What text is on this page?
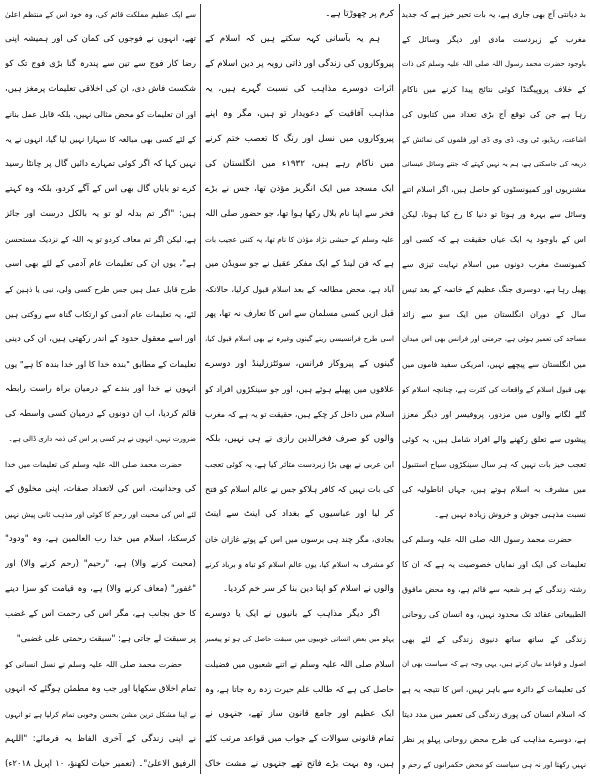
بد دیانتی آج بھی جاری ہے، یہ بات تحیر خیز ہے کہ جدید
مغرب کے زبردست مادی اور دیگر وسائل کے
باوجود حضرت محمد رسول اللہ صلی اللہ علیہ وسلم کی ذات
کے خلاف پروپیگنڈا کوئی نتائج پیدا کرنے میں ناکام
رہا ہے جن کی توقع آج بڑی تعداد میں کتابوں کی
اشاعت، ریڈیو، ٹی وی، ڈی وی ڈی اور فلموں کی نمائش کے
ذریعہ کی جاسکتی ہے، ہم یہ نہیں کہتے کہ جتنے وسائل عیسائی
مشنریوں اور کمیونسٹوں کو حاصل ہیں، اگر اسلام اتنے
وسائل سے بہرہ ور ہوتا تو دنیا کا رخ کیا ہوتا، لیکن
اس کے باوجود یہ ایک عیاں حقیقت ہے کہ کسی اور
کمیونسٹ مغرب دونوں میں اسلام نہایت تیزی سے
پھیل رہا ہے، دوسری جنگ عظیم کے خاتمہ کے بعد تیس
سال کے دوران انگلستان میں ایک سو سے زائد
مساجد کی تعمیر ہوئی ہے، جرمنی اور فرانس بھی اس میدان
میں انگلستان سے پیچھے نہیں، امریکی سفید فاموں میں
بھی قبول اسلام کے واقعات کی کثرت ہے، چنانچہ اسلام کو
گلے لگانے والوں میں مزدور، پروفیسر اور دیگر معزز
پیشوں سے تعلق رکھنے والے افراد شامل ہیں، یہ کوئی
تعجب خیز بات نہیں کہ ہر سال سینکڑوں سیاح استنبول
میں مشرف بہ اسلام ہوتے ہیں، جہاں اناطولیہ کی
نسبت مذہبی جوش و خروش زیادہ نہیں ہے۔
حضرت محمد رسول اللہ صلی اللہ علیہ وسلم کی
تعلیمات کی ایک اور نمایاں خصوصیت یہ ہے کہ ان کا
رشتہ زندگی کے ہر شعبہ سے قائم ہے، وہ محض مافوق
الطبیعاتی عقائد تک محدود نہیں، وہ انسان کی روحانی
زندگی کے ساتھ ساتھ دنیوی زندگی کے لئے بھی
اصول و قواعد بیان کرتے ہیں، یہی وجہ ہے کہ سیاست بھی ان
کی تعلیمات کے دائرہ سے باہر نہیں، اس کا نتیجہ یہ ہے
کہ اسلام انسان کی پوری زندگی کی تعمیر میں مدد دیتا
ہے، دوسرے مذاہب کی طرح محض روحانی پہلو پر نظر
نہیں رکھتا اور نہ ہی سیاست کو محض حکمرانوں کے رحم و
کرم پر چھوڑتا ہے۔
ہم یہ بآسانی کہہ سکتے ہیں کہ اسلام کے
پیروکاروں کی زندگی اور ذاتی رویہ پر دین اسلام کے
اثرات دوسرے مذاہب کی نسبت گہرے ہیں، یہ
مذاہب آفاقیت کے دعویدار تو ہیں، مگر وہ اپنے
پیروکاروں میں نسل اور رنگ کا تعصب ختم کرنے
میں ناکام رہے ہیں، ۱۹۳۲ء میں انگلستان کی
ایک مسجد میں ایک انگریز مؤذن تھا، جس نے بڑے
فخر سے اپنا نام بلال رکھا ہوا تھا، جو حضور صلی اللہ
علیہ وسلم کے حبشی نژاد مؤذن کا نام تھا، یہ کتنی عجیب بات
ہے کہ فن لینڈ کے ایک مفکر عقیل نے جو سویڈن میں
آباد ہے، محض مطالعہ کے بعد اسلام قبول کرلیا، حالانکہ
قبل ازیں کسی مسلمان سے اس کا تعارف نہ تھا، پھر
اسی طرح فرانسیسی رینے گینوں وغیرہ نے بھی اسلام قبول کیا،
گینوں کے پیروکار فرانس، سوئٹزرلینڈ اور دوسرے
علاقوں میں پھیلے ہوئے ہیں، اور جو سینکڑوں افراد کو
اسلام میں داخل کر چکے ہیں، حقیقت تو یہ ہے کہ مغرب
والوں کو صرف فخرالدین رازی نے ہی نہیں، بلکہ
ابن عربی نے بھی بڑا زبردست متاثر کیا ہے، یہ کوئی تعجب
کی بات نہیں کہ کافر ہلاکو جس نے عالم اسلام کو فتح
کر لیا اور عباسیوں کے بغداد کی اینٹ سے اینٹ
بجادی، مگر چند ہی برسوں میں اس کے پوتے غازان خان
کو مشرف بہ اسلام کیا، یوں عالم اسلام کو تباہ و برباد کرنے
والوں نے اسلام کو اپنا دین بنا کر سر خم کردیا۔
اگر دیگر مذاہب کے بانیوں نے ایک یا دوسرے
پہلو میں بعض انسانی خوبیوں میں سبقت حاصل کی ہو تو پیغمبر
اسلام صلی اللہ علیہ وسلم نے اتنے شعبوں میں فضیلت
حاصل کی ہے کہ طالب علم حیرت زدہ رہ جاتا ہے، وہ
ایک عظیم اور جامع قانون ساز تھے، جنہوں نے
تمام قانونی سوالات کے جواب میں قواعد مرتب کئے
ہیں، وہ بہت بڑے فاتح تھے جنہوں نے مشت خاک
سے ایک عظیم مملکت قائم کی، وہ خود اس کے منتظم اعلیٰ
تھے، انہوں نے فوجوں کی کمان کی اور ہمیشہ اپنی
رضا کار فوج سے تین سے پندرہ گنا بڑی فوج تک کو
شکست فاش دی، ان کی اخلاقی تعلیمات پرمغز ہیں،
اور ان تعلیمات کو محض مثالی نہیں، بلکہ قابل عمل بنانے
کے لئے کسی بھی مبالغہ کا سہارا نہیں لیا گیا، انہوں نے یہ
نہیں کہا کہ اگر کوئی تمہارے دائیں گال پر چانٹا رسید
کرے تو بایاں گال بھی اس کے آگے کردو، بلکہ وہ کہتے
ہیں: "اگر تم بدلہ لو تو یہ بالکل درست اور جائز
ہے، لیکن اگر تم معاف کردو تو یہ اللہ کے نزدیک مستحسن
ہے"، یوں ان کی تعلیمات عام آدمی کے لئے بھی اسی
طرح قابل عمل ہیں جس طرح کسی ولی، نبی یا ذہین کے
لئے، یہ تعلیمات عام آدمی کو ارتکاب گناہ سے روکتی ہیں
اور اسے معقول حدود کے اندر رکھتی ہیں، ان کی دینی
تعلیمات کے مطابق "بندہ خدا کا اور خدا بندہ کا ہے" یوں
انہوں نے خدا اور بندے کے درمیان براہ راست رابطہ
قائم کردیا، اب ان دونوں کے درمیان کسی واسطہ کی
ضرورت نہیں، انہوں نے ہر کسی پر اس کی ذمہ داری ڈالی ہے۔
حضرت محمد صلی اللہ علیہ وسلم کی تعلیمات میں خدا
کی وحدانیت، اس کی لاتعداد صفات، اپنی مخلوق کے
لئے اس کی محبت اور رحم کا کوئی اور مذہب ثانی پیش نہیں
کرسکتا، اسلام میں خدا رب العالمین ہے، وہ "ودود"
(محبت کرنے والا) ہے، "رحیم" (رحم کرنے والا) اور
"غفور" (معاف کرنے والا) ہے، وہ قیامت کو سزا دینے
کا حق بجانب ہے، مگر اس کی رحمت اس کے غضب
پر سبقت لے جاتی ہے: "سبقت رحمتی علی غضبی"
حضرت محمد صلی اللہ علیہ وسلم نے نسل انسانی کو
تمام اخلاق سکھایا اور جب وہ مطمئن ہوگئے کہ انہوں
نے اپنا مشکل ترین مشن بحسن وخوبی تمام کرلیا ہے تو انہوں
نے اپنی زندگی کے آخری الفاظ یہ فرمائے: "اللہم
الرفیق الاعلیٰ"۔ (تعمیر حیات لکھنؤ، ۱۰ اپریل ۲۰۱۸ء)
